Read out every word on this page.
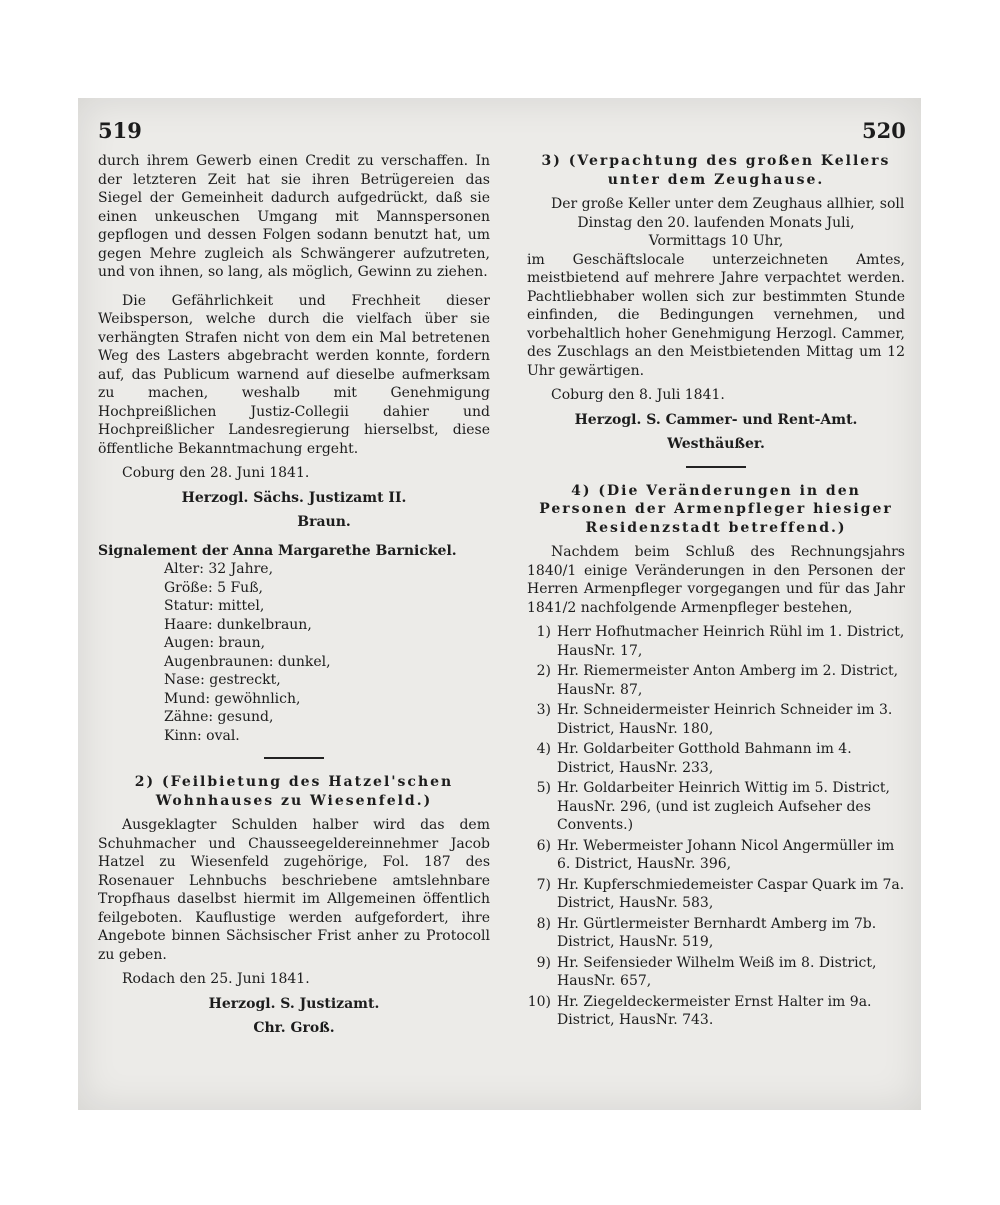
519	520

durch ihrem Gewerb einen Credit zu verschaffen. In der letzteren Zeit hat sie ihren Betrügereien das Siegel der Gemeinheit dadurch aufgedrückt, daß sie einen unkeuschen Umgang mit Mannspersonen gepflogen und dessen Folgen sodann benutzt hat, um gegen Mehre zugleich als Schwängerer aufzutreten, und von ihnen, so lang, als möglich, Gewinn zu ziehen.

Die Gefährlichkeit und Frechheit dieser Weibsperson, welche durch die vielfach über sie verhängten Strafen nicht von dem ein Mal betretenen Weg des Lasters abgebracht werden konnte, fordern auf, das Publicum warnend auf dieselbe aufmerksam zu machen, weshalb mit Genehmigung Hochpreißlichen Justiz-Collegii dahier und Hochpreißlicher Landesregierung hierselbst, diese öffentliche Bekanntmachung ergeht.

Coburg den 28. Juni 1841.

Herzogl. Sächs. Justizamt II.

Braun.

Signalement der Anna Margarethe Barnickel.

Alter: 32 Jahre,

Größe: 5 Fuß,

Statur: mittel,

Haare: dunkelbraun,

Augen: braun,

Augenbraunen: dunkel,

Nase: gestreckt,

Mund: gewöhnlich,

Zähne: gesund,

Kinn: oval.

2) (Feilbietung des Hatzel'schen Wohnhauses zu Wiesenfeld.)

Ausgeklagter Schulden halber wird das dem Schuhmacher und Chausseegeldereinnehmer Jacob Hatzel zu Wiesenfeld zugehörige, Fol. 187 des Rosenauer Lehnbuchs beschriebene amtslehnbare Tropfhaus daselbst hiermit im Allgemeinen öffentlich feilgeboten. Kauflustige werden aufgefordert, ihre Angebote binnen Sächsischer Frist anher zu Protocoll zu geben.

Rodach den 25. Juni 1841.

Herzogl. S. Justizamt.

Chr. Groß.

3) (Verpachtung des großen Kellers unter dem Zeughause.

Der große Keller unter dem Zeughaus allhier, soll

Dinstag den 20. laufenden Monats Juli,

Vormittags 10 Uhr,

im Geschäftslocale unterzeichneten Amtes, meistbietend auf mehrere Jahre verpachtet werden. Pachtliebhaber wollen sich zur bestimmten Stunde einfinden, die Bedingungen vernehmen, und vorbehaltlich hoher Genehmigung Herzogl. Cammer, des Zuschlags an den Meistbietenden Mittag um 12 Uhr gewärtigen.

Coburg den 8. Juli 1841.

Herzogl. S. Cammer- und Rent-Amt.

Westhäußer.

4) (Die Veränderungen in den Personen der Armenpfleger hiesiger Residenzstadt betreffend.)

Nachdem beim Schluß des Rechnungsjahrs 1840/1 einige Veränderungen in den Personen der Herren Armenpfleger vorgegangen und für das Jahr 1841/2 nachfolgende Armenpfleger bestehen,

1) Herr Hofhutmacher Heinrich Rühl im 1. District, HausNr. 17,
2) Hr. Riemermeister Anton Amberg im 2. District, HausNr. 87,
3) Hr. Schneidermeister Heinrich Schneider im 3. District, HausNr. 180,
4) Hr. Goldarbeiter Gotthold Bahmann im 4. District, HausNr. 233,
5) Hr. Goldarbeiter Heinrich Wittig im 5. District, HausNr. 296, (und ist zugleich Aufseher des Convents.)
6) Hr. Webermeister Johann Nicol Angermüller im 6. District, HausNr. 396,
7) Hr. Kupferschmiedemeister Caspar Quark im 7a. District, HausNr. 583,
8) Hr. Gürtlermeister Bernhardt Amberg im 7b. District, HausNr. 519,
9) Hr. Seifensieder Wilhelm Weiß im 8. District, HausNr. 657,
10) Hr. Ziegeldeckermeister Ernst Halter im 9a. District, HausNr. 743.
